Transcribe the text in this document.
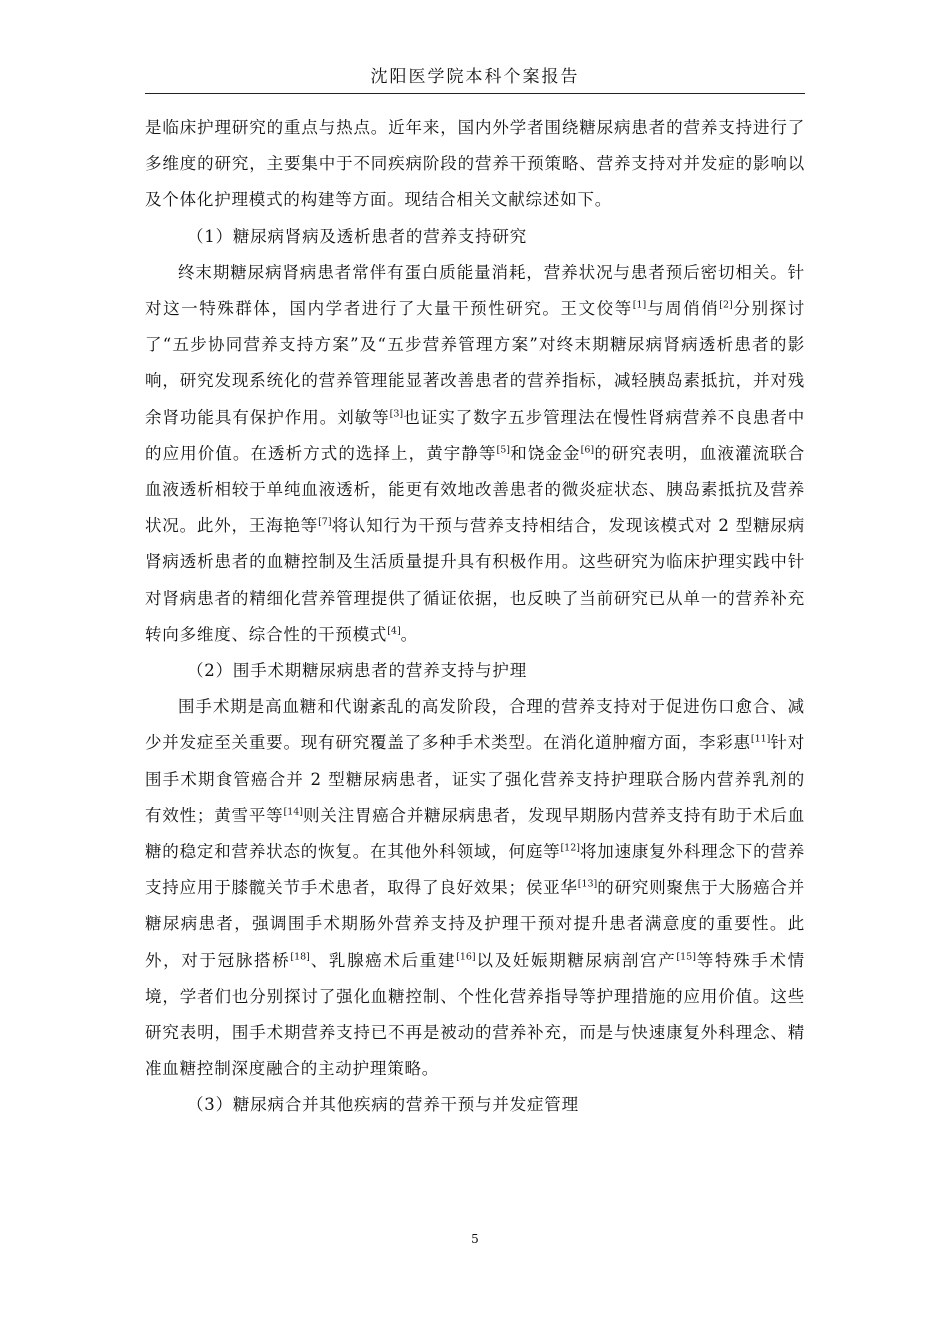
沈阳医学院本科个案报告

是临床护理研究的重点与热点。近年来，国内外学者围绕糖尿病患者的营养支持进行了多维度的研究，主要集中于不同疾病阶段的营养干预策略、营养支持对并发症的影响以及个体化护理模式的构建等方面。现结合相关文献综述如下。

（1）糖尿病肾病及透析患者的营养支持研究

终末期糖尿病肾病患者常伴有蛋白质能量消耗，营养状况与患者预后密切相关。针对这一特殊群体，国内学者进行了大量干预性研究。王文佼等[1]与周俏俏[2]分别探讨了“五步协同营养支持方案”及“五步营养管理方案”对终末期糖尿病肾病透析患者的影响，研究发现系统化的营养管理能显著改善患者的营养指标，减轻胰岛素抵抗，并对残余肾功能具有保护作用。刘敏等[3]也证实了数字五步管理法在慢性肾病营养不良患者中的应用价值。在透析方式的选择上，黄宇静等[5]和饶金金[6]的研究表明，血液灌流联合血液透析相较于单纯血液透析，能更有效地改善患者的微炎症状态、胰岛素抵抗及营养状况。此外，王海艳等[7]将认知行为干预与营养支持相结合，发现该模式对 2 型糖尿病肾病透析患者的血糖控制及生活质量提升具有积极作用。这些研究为临床护理实践中针对肾病患者的精细化营养管理提供了循证依据，也反映了当前研究已从单一的营养补充转向多维度、综合性的干预模式[4]。

（2）围手术期糖尿病患者的营养支持与护理

围手术期是高血糖和代谢紊乱的高发阶段，合理的营养支持对于促进伤口愈合、减少并发症至关重要。现有研究覆盖了多种手术类型。在消化道肿瘤方面，李彩惠[11]针对围手术期食管癌合并 2 型糖尿病患者，证实了强化营养支持护理联合肠内营养乳剂的有效性；黄雪平等[14]则关注胃癌合并糖尿病患者，发现早期肠内营养支持有助于术后血糖的稳定和营养状态的恢复。在其他外科领域，何庭等[12]将加速康复外科理念下的营养支持应用于膝髋关节手术患者，取得了良好效果；侯亚华[13]的研究则聚焦于大肠癌合并糖尿病患者，强调围手术期肠外营养支持及护理干预对提升患者满意度的重要性。此外，对于冠脉搭桥[18]、乳腺癌术后重建[16]以及妊娠期糖尿病剖宫产[15]等特殊手术情境，学者们也分别探讨了强化血糖控制、个性化营养指导等护理措施的应用价值。这些研究表明，围手术期营养支持已不再是被动的营养补充，而是与快速康复外科理念、精准血糖控制深度融合的主动护理策略。

（3）糖尿病合并其他疾病的营养干预与并发症管理

5
